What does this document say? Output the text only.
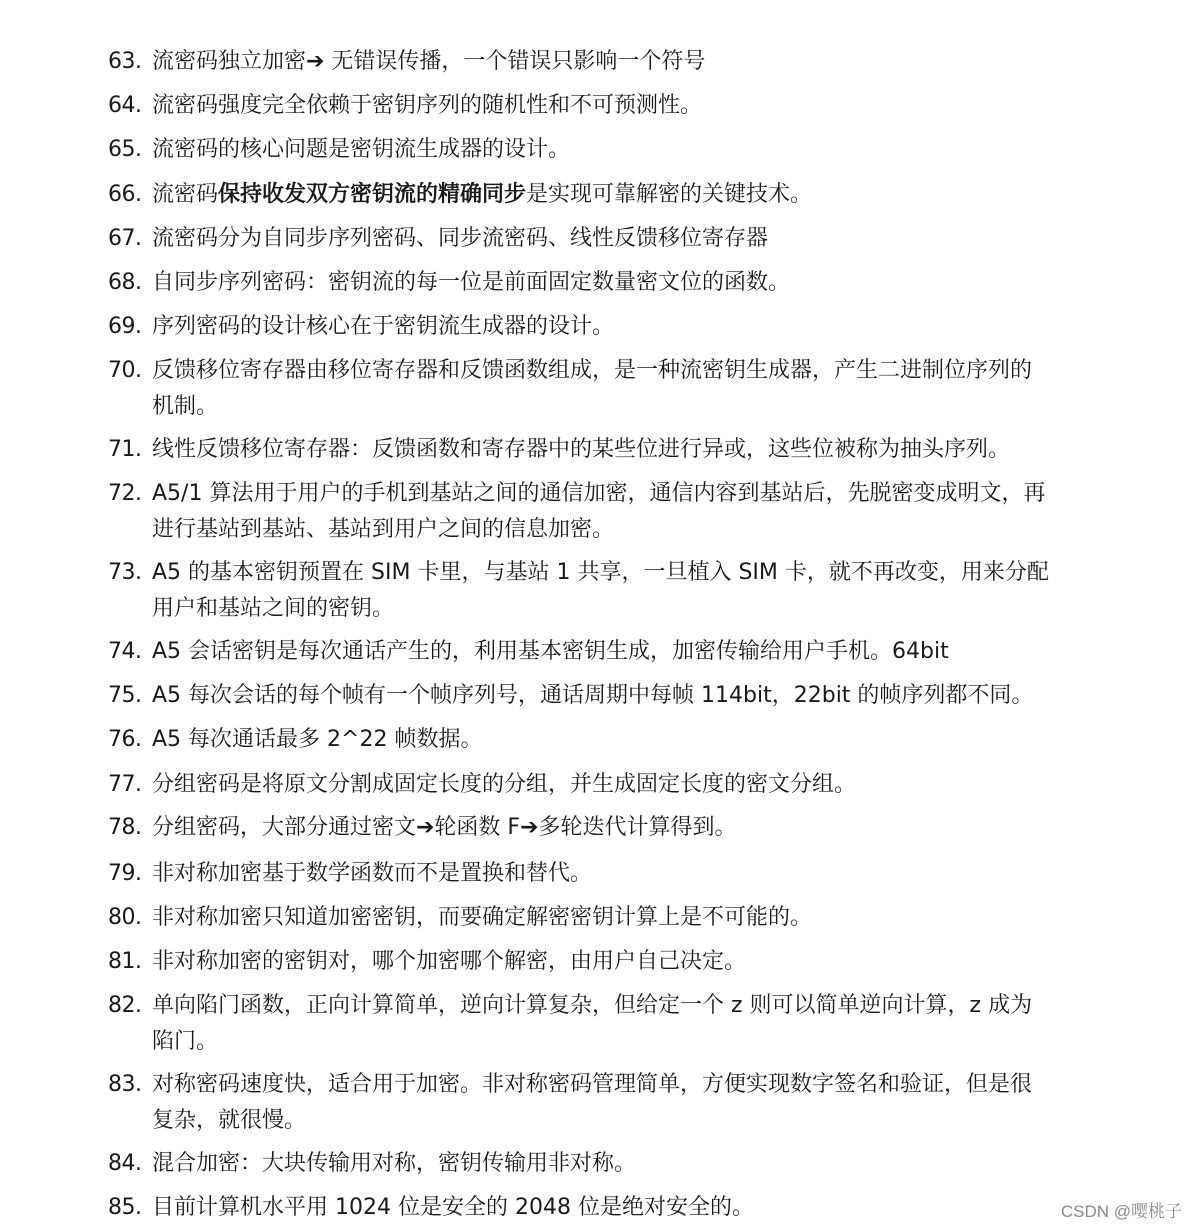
63. 流密码独立加密➔ 无错误传播，一个错误只影响一个符号
64. 流密码强度完全依赖于密钥序列的随机性和不可预测性。
65. 流密码的核心问题是密钥流生成器的设计。
66. 流密码保持收发双方密钥流的精确同步是实现可靠解密的关键技术。
67. 流密码分为自同步序列密码、同步流密码、线性反馈移位寄存器
68. 自同步序列密码：密钥流的每一位是前面固定数量密文位的函数。
69. 序列密码的设计核心在于密钥流生成器的设计。
70. 反馈移位寄存器由移位寄存器和反馈函数组成，是一种流密钥生成器，产生二进制位序列的机制。
71. 线性反馈移位寄存器：反馈函数和寄存器中的某些位进行异或，这些位被称为抽头序列。
72. A5/1 算法用于用户的手机到基站之间的通信加密，通信内容到基站后，先脱密变成明文，再进行基站到基站、基站到用户之间的信息加密。
73. A5 的基本密钥预置在 SIM 卡里，与基站 1 共享，一旦植入 SIM 卡，就不再改变，用来分配用户和基站之间的密钥。
74. A5 会话密钥是每次通话产生的，利用基本密钥生成，加密传输给用户手机。64bit
75. A5 每次会话的每个帧有一个帧序列号，通话周期中每帧 114bit，22bit 的帧序列都不同。
76. A5 每次通话最多 2^22 帧数据。
77. 分组密码是将原文分割成固定长度的分组，并生成固定长度的密文分组。
78. 分组密码，大部分通过密文➔轮函数 F➔多轮迭代计算得到。
79. 非对称加密基于数学函数而不是置换和替代。
80. 非对称加密只知道加密密钥，而要确定解密密钥计算上是不可能的。
81. 非对称加密的密钥对，哪个加密哪个解密，由用户自己决定。
82. 单向陷门函数，正向计算简单，逆向计算复杂，但给定一个 z 则可以简单逆向计算，z 成为陷门。
83. 对称密码速度快，适合用于加密。非对称密码管理简单，方便实现数字签名和验证，但是很复杂，就很慢。
84. 混合加密：大块传输用对称，密钥传输用非对称。
85. 目前计算机水平用 1024 位是安全的 2048 位是绝对安全的。	CSDN @嘤桃子
